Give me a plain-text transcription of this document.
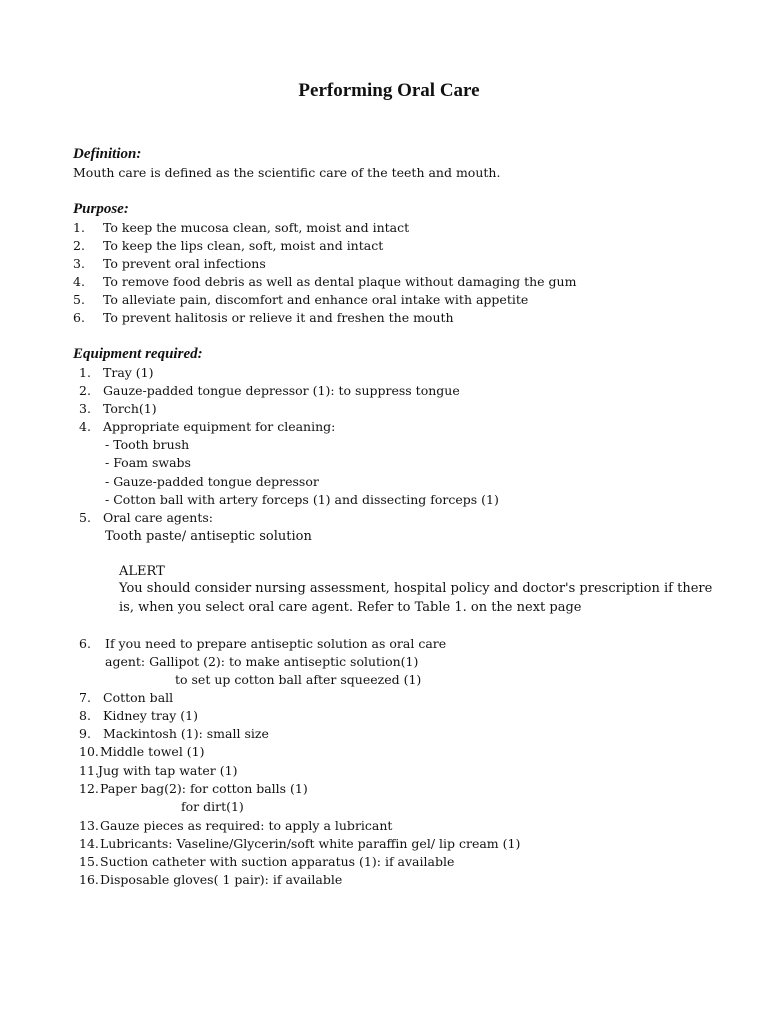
Performing Oral Care
Definition:
Mouth care is defined as the scientific care of the teeth and mouth.
Purpose:
1. To keep the mucosa clean, soft, moist and intact
2. To keep the lips clean, soft, moist and intact
3. To prevent oral infections
4. To remove food debris as well as dental plaque without damaging the gum
5. To alleviate pain, discomfort and enhance oral intake with appetite
6. To prevent halitosis or relieve it and freshen the mouth
Equipment required:
1. Tray (1)
2. Gauze-padded tongue depressor (1): to suppress tongue
3. Torch(1)
4. Appropriate equipment for cleaning:
- Tooth brush
- Foam swabs
- Gauze-padded tongue depressor
- Cotton ball with artery forceps (1) and dissecting forceps (1)
5. Oral care agents:
Tooth paste/ antiseptic solution
ALERT
You should consider nursing assessment, hospital policy and doctor's prescription if there
is, when you select oral care agent. Refer to Table 1. on the next page
6. If you need to prepare antiseptic solution as oral care
agent: Gallipot (2): to make antiseptic solution(1)
to set up cotton ball after squeezed (1)
7. Cotton ball
8. Kidney tray (1)
9. Mackintosh (1): small size
10. Middle towel (1)
11. Jug with tap water (1)
12. Paper bag(2): for cotton balls (1)
for dirt(1)
13. Gauze pieces as required: to apply a lubricant
14. Lubricants: Vaseline/Glycerin/soft white paraffin gel/ lip cream (1)
15. Suction catheter with suction apparatus (1): if available
16. Disposable gloves( 1 pair): if available
